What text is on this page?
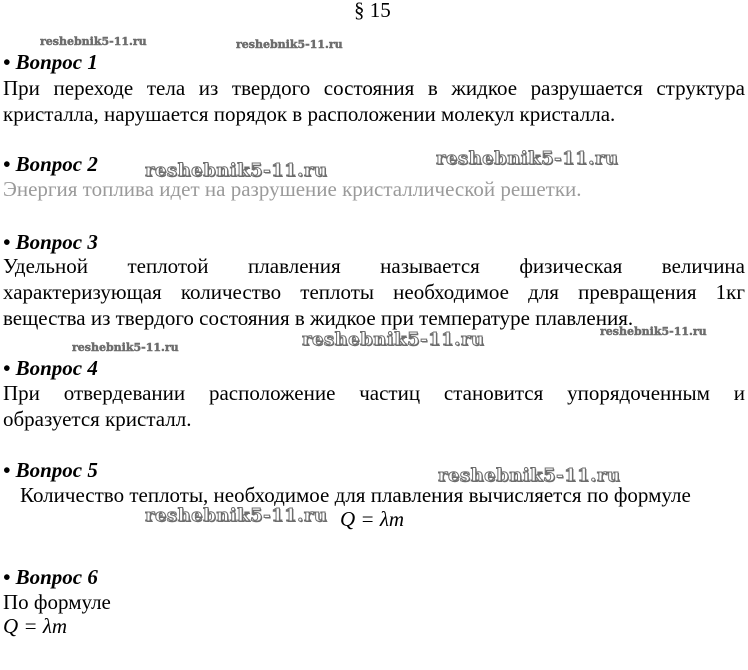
§ 15
reshebnik5-11.ru	reshebnik5-11.ru
• Вопрос 1
При переходе тела из твердого состояния в жидкое разрушается структура
кристалла, нарушается порядок в расположении молекул кристалла.
• Вопрос 2	reshebnik5-11.ru
reshebnik5-11.ru
Энергия топлива идет на разрушение кристаллической решетки.
• Вопрос 3
Удельной теплотой плавления называется физическая величина
характеризующая количество теплоты необходимое для превращения 1кг
вещества из твердого состояния в жидкое при температуре плавления.
reshebnik5-11.ru
reshebnik5-11.ru	reshebnik5-11.ru
• Вопрос 4
При отвердевании расположение частиц становится упорядоченным и
образуется кристалл.
• Вопрос 5	reshebnik5-11.ru
Количество теплоты, необходимое для плавления вычисляется по формуле
reshebnik5-11.ru Q = λm
• Вопрос 6
По формуле
Q = λm
